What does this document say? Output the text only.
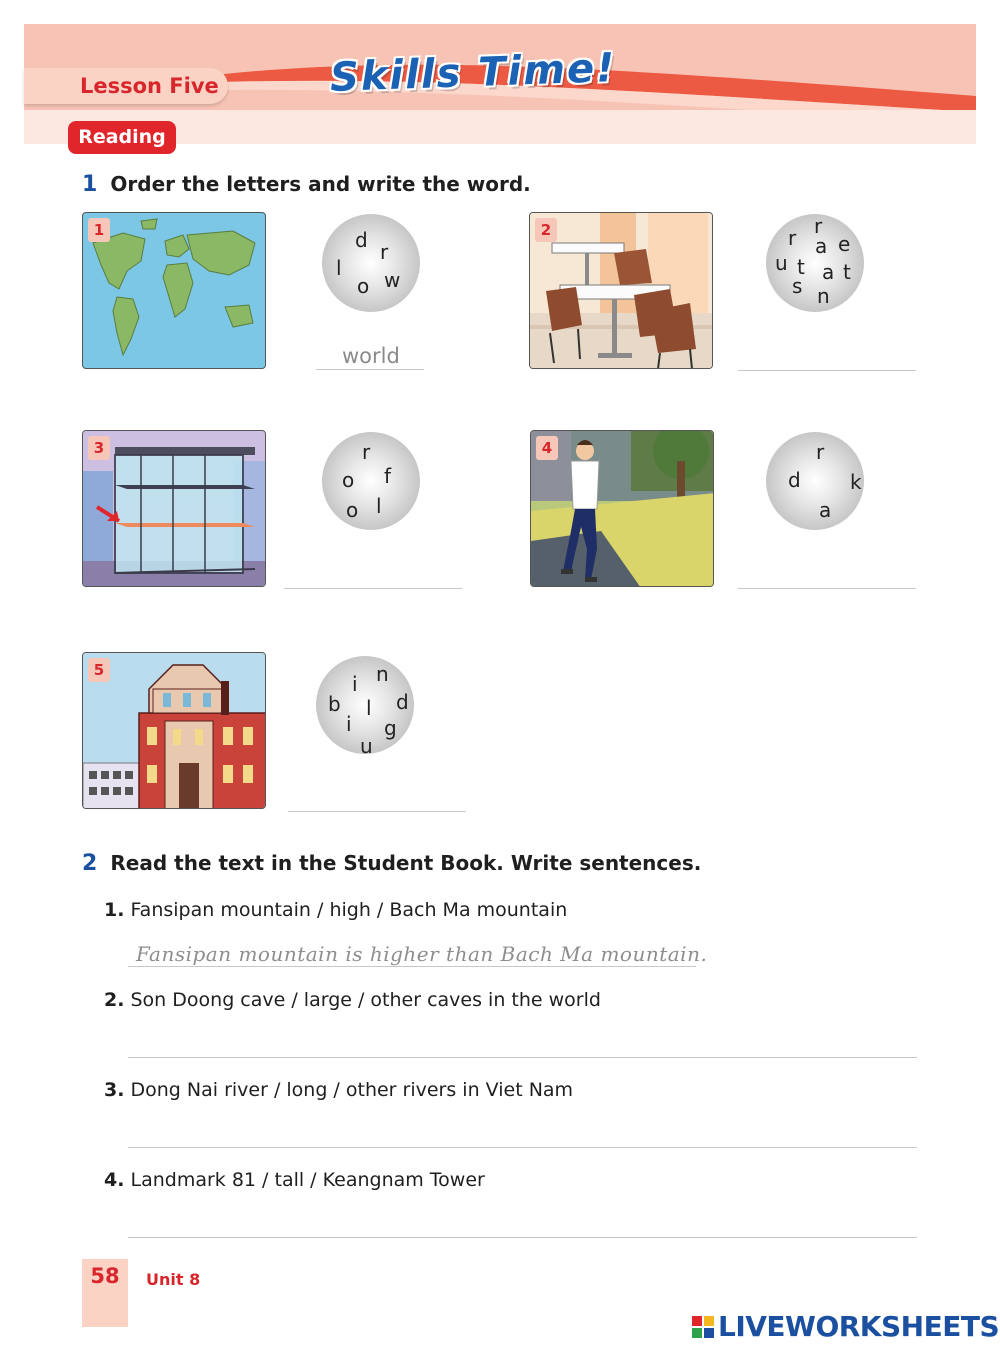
Lesson Five	Skills Time!
Reading
1 Order the letters and write the word.
1	d r
l
o w
world
2	r
r a e
u t a t
s n
3	r
o f
o l
4	r
d k
a
5	n
i
b	d
l
i g
u
2 Read the text in the Student Book. Write sentences.
1. Fansipan mountain / high / Bach Ma mountain
Fansipan mountain is higher than Bach Ma mountain.
2. Son Doong cave / large / other caves in the world
3. Dong Nai river / long / other rivers in Viet Nam
4. Landmark 81 / tall / Keangnam Tower
58	Unit 8
LIVEWORKSHEETS
